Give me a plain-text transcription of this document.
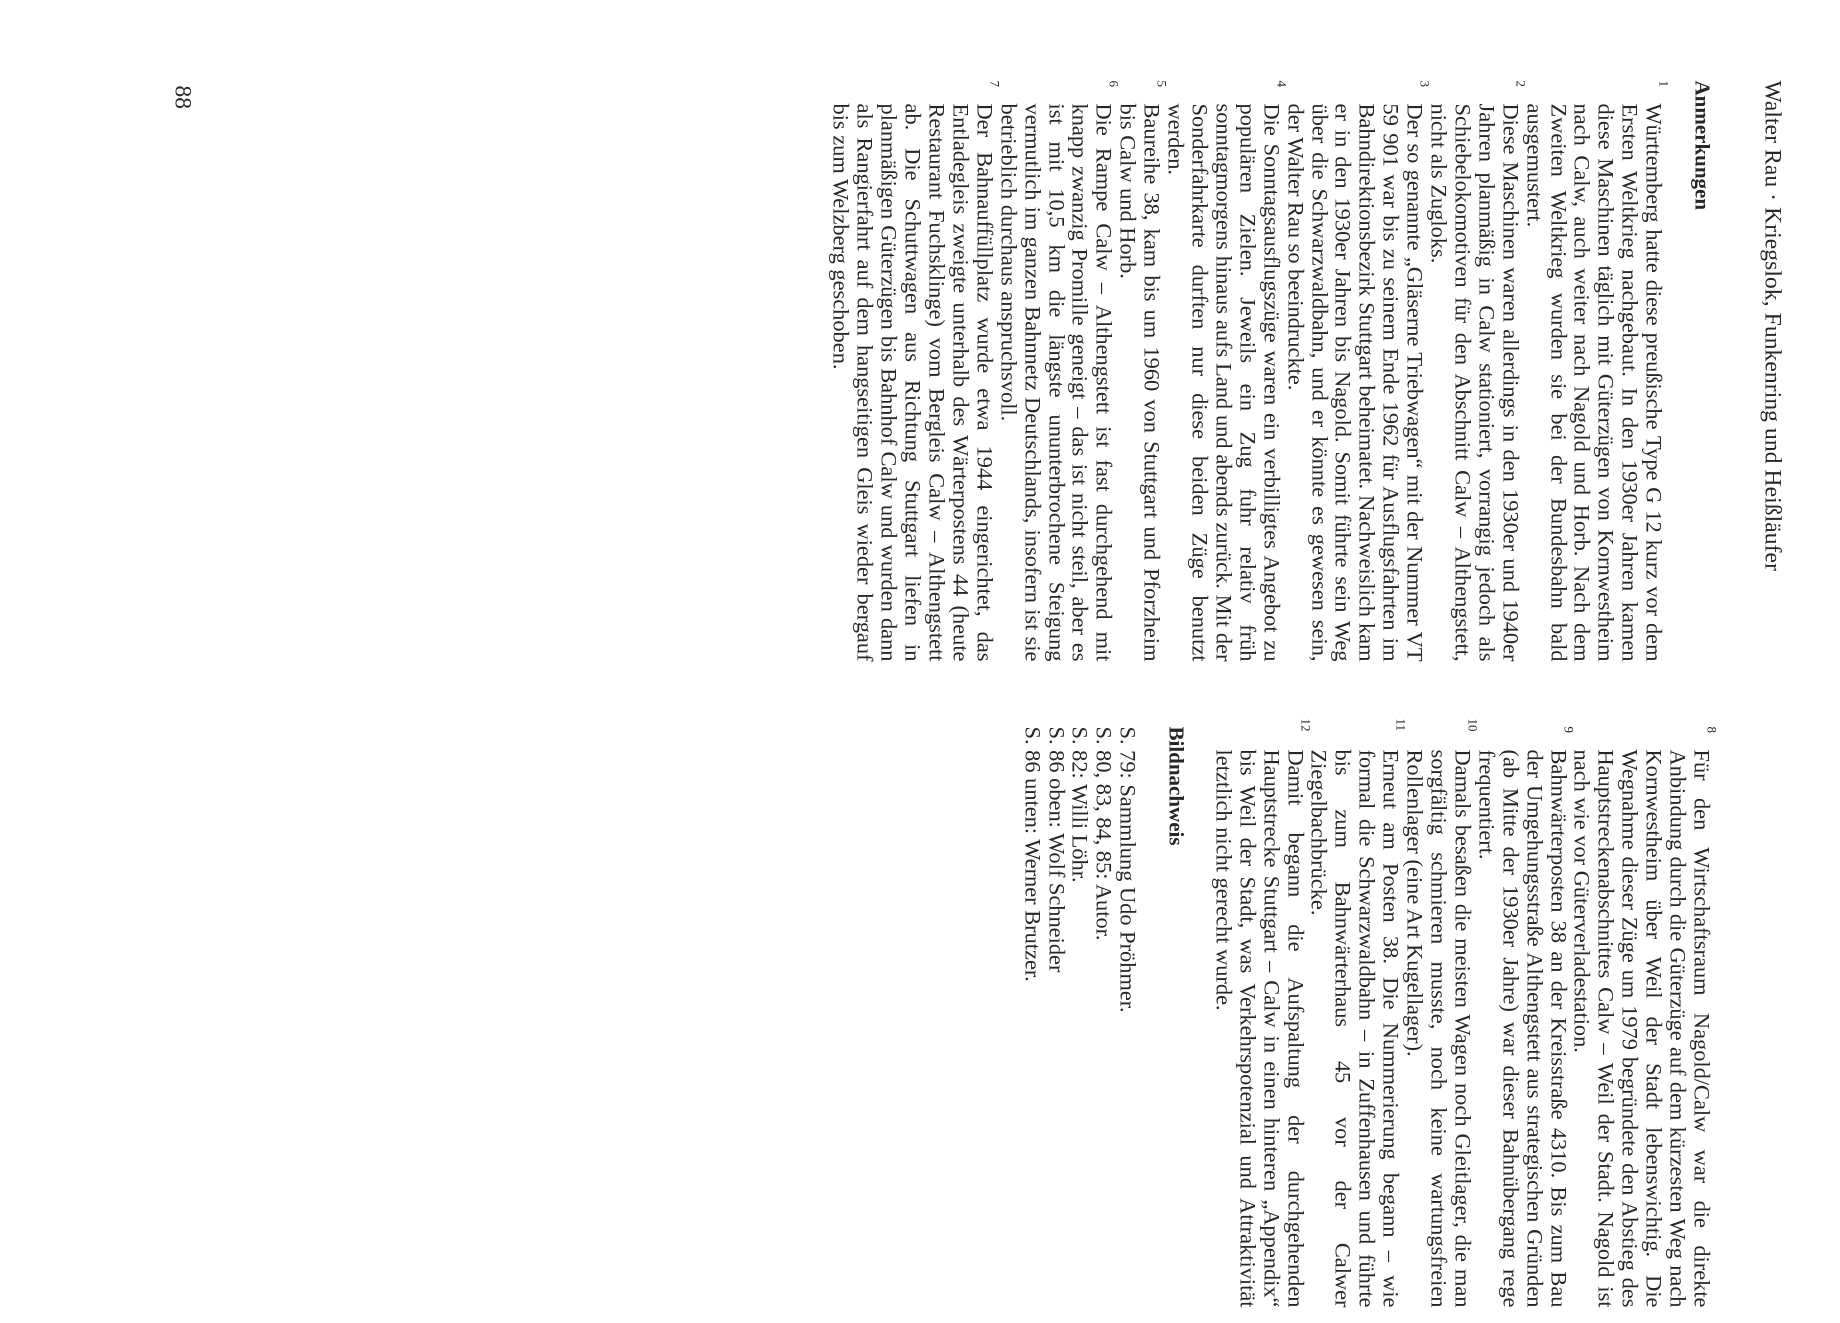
Walter Rau · Kriegslok, Funkenring und Heißläufer
Anmerkungen
1
Württemberg hatte diese preußische Type G 12 kurz vor dem Ersten Weltkrieg nachgebaut. In den 1930er Jahren kamen diese Maschinen täglich mit Güterzügen von Kornwestheim nach Calw, auch weiter nach Nagold und Horb. Nach dem Zweiten Weltkrieg wurden sie bei der Bundesbahn bald ausgemustert.
2
Diese Maschinen waren allerdings in den 1930er und 1940er Jahren planmäßig in Calw stationiert, vorrangig jedoch als Schiebelokomotiven für den Abschnitt Calw – Althengstett, nicht als Zugloks.
3
Der so genannte „Gläserne Triebwagen“ mit der Nummer VT 59 901 war bis zu seinem Ende 1962 für Ausflugsfahrten im Bahndirektionsbezirk Stuttgart beheimatet. Nachweislich kam er in den 1930er Jahren bis Nagold. Somit führte sein Weg über die Schwarzwaldbahn, und er könnte es gewesen sein, der Walter Rau so beeindruckte.
4
Die Sonntagsausflugszüge waren ein verbilligtes Angebot zu populären Zielen. Jeweils ein Zug fuhr relativ früh sonntagmorgens hinaus aufs Land und abends zurück. Mit der Sonderfahrkarte durften nur diese beiden Züge benutzt werden.
5
Baureihe 38, kam bis um 1960 von Stuttgart und Pforzheim bis Calw und Horb.
6
Die Rampe Calw – Althengstett ist fast durchgehend mit knapp zwanzig Promille geneigt – das ist nicht steil, aber es ist mit 10,5 km die längste ununterbrochene Steigung vermutlich im ganzen Bahnnetz Deutschlands, insofern ist sie betrieblich durchaus anspruchsvoll.
7
Der Bahnauffüllplatz wurde etwa 1944 eingerichtet, das Entladegleis zweigte unterhalb des Wärterpostens 44 (heute Restaurant Fuchsklinge) vom Bergleis Calw – Althengstett ab. Die Schuttwagen aus Richtung Stuttgart liefen in planmäßigen Güterzügen bis Bahnhof Calw und wurden dann als Rangierfahrt auf dem hangseitigen Gleis wieder bergauf bis zum Welzberg geschoben.
8
Für den Wirtschaftsraum Nagold/Calw war die direkte Anbindung durch die Güterzüge auf dem kürzesten Weg nach Kornwestheim über Weil der Stadt lebenswichtig. Die Wegnahme dieser Züge um 1979 begründete den Abstieg des Hauptstreckenabschnittes Calw – Weil der Stadt. Nagold ist nach wie vor Güterverladestation.
9
Bahnwärterposten 38 an der Kreisstraße 4310. Bis zum Bau der Umgehungsstraße Althengstett aus strategischen Gründen (ab Mitte der 1930er Jahre) war dieser Bahnübergang rege frequentiert.
10
Damals besaßen die meisten Wagen noch Gleitlager, die man sorgfältig schmieren musste, noch keine wartungsfreien Rollenlager (eine Art Kugellager).
11
Erneut am Posten 38. Die Nummerierung begann – wie formal die Schwarzwaldbahn – in Zuffenhausen und führte bis zum Bahnwärterhaus 45 vor der Calwer Ziegelbachbrücke.
12
Damit begann die Aufspaltung der durchgehenden Hauptstrecke Stuttgart – Calw in einen hinteren „Appendix“ bis Weil der Stadt, was Verkehrspotenzial und Attraktivität letztlich nicht gerecht wurde.
Bildnachweis
S. 79: Sammlung Udo Pröhmer.
S. 80, 83, 84, 85: Autor.
S. 82: Willi Löhr.
S. 86 oben: Wolf Schneider
S. 86 unten: Werner Brutzer.
88
